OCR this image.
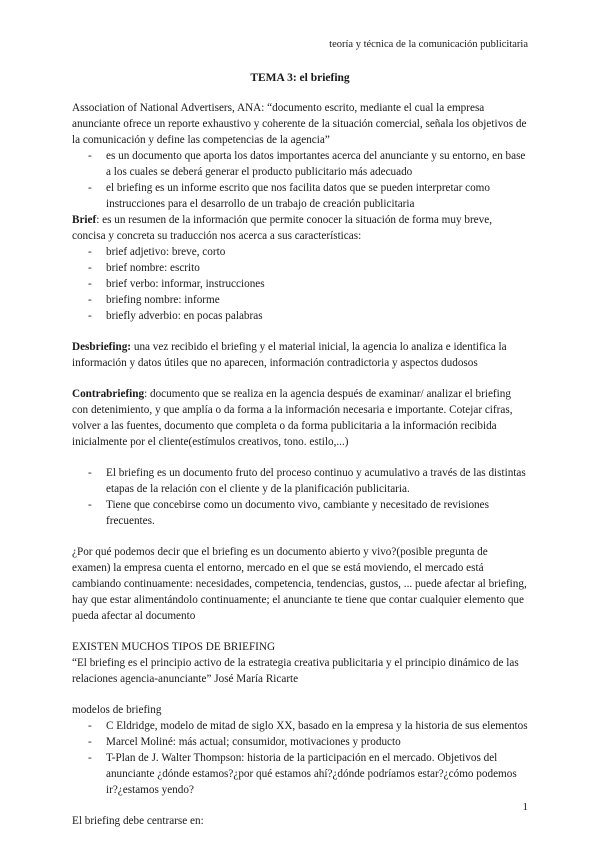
teoría y técnica de la comunicación publicitaria
TEMA 3: el briefing

Association of National Advertisers, ANA: “documento escrito, mediante el cual la empresa anunciante ofrece un reporte exhaustivo y coherente de la situación comercial, señala los objetivos de la comunicación y define las competencias de la agencia”

- es un documento que aporta los datos importantes acerca del anunciante y su entorno, en base a los cuales se deberá generar el producto publicitario más adecuado
- el briefing es un informe escrito que nos facilita datos que se pueden interpretar como instrucciones para el desarrollo de un trabajo de creación publicitaria

Brief: es un resumen de la información que permite conocer la situación de forma muy breve, concisa y concreta su traducción nos acerca a sus características:

- brief adjetivo: breve, corto
- brief nombre: escrito
- brief verbo: informar, instrucciones
- briefing nombre: informe
- briefly adverbio: en pocas palabras

Desbriefing: una vez recibido el briefing y el material inicial, la agencia lo analiza e identifica la información y datos útiles que no aparecen, información contradictoria y aspectos dudosos

Contrabriefing: documento que se realiza en la agencia después de examinar/ analizar el briefing con detenimiento, y que amplía o da forma a la información necesaria e importante. Cotejar cifras, volver a las fuentes, documento que completa o da forma publicitaria a la información recibida inicialmente por el cliente(estímulos creativos, tono. estilo,...)

- El briefing es un documento fruto del proceso continuo y acumulativo a través de las distintas etapas de la relación con el cliente y de la planificación publicitaria.
- Tiene que concebirse como un documento vivo, cambiante y necesitado de revisiones frecuentes.

¿Por qué podemos decir que el briefing es un documento abierto y vivo?(posible pregunta de examen) la empresa cuenta el entorno, mercado en el que se está moviendo, el mercado está cambiando continuamente: necesidades, competencia, tendencias, gustos, ... puede afectar al briefing, hay que estar alimentándolo continuamente; el anunciante te tiene que contar cualquier elemento que pueda afectar al documento

EXISTEN MUCHOS TIPOS DE BRIEFING

“El briefing es el principio activo de la estrategia creativa publicitaria y el principio dinámico de las relaciones agencia-anunciante” José María Ricarte

modelos de briefing

- C Eldridge, modelo de mitad de siglo XX, basado en la empresa y la historia de sus elementos
- Marcel Moliné: más actual; consumidor, motivaciones y producto
- T-Plan de J. Walter Thompson: historia de la participación en el mercado. Objetivos del anunciante ¿dónde estamos?¿por qué estamos ahí?¿dónde podríamos estar?¿cómo podemos ir?¿estamos yendo?

El briefing debe centrarse en:

1
